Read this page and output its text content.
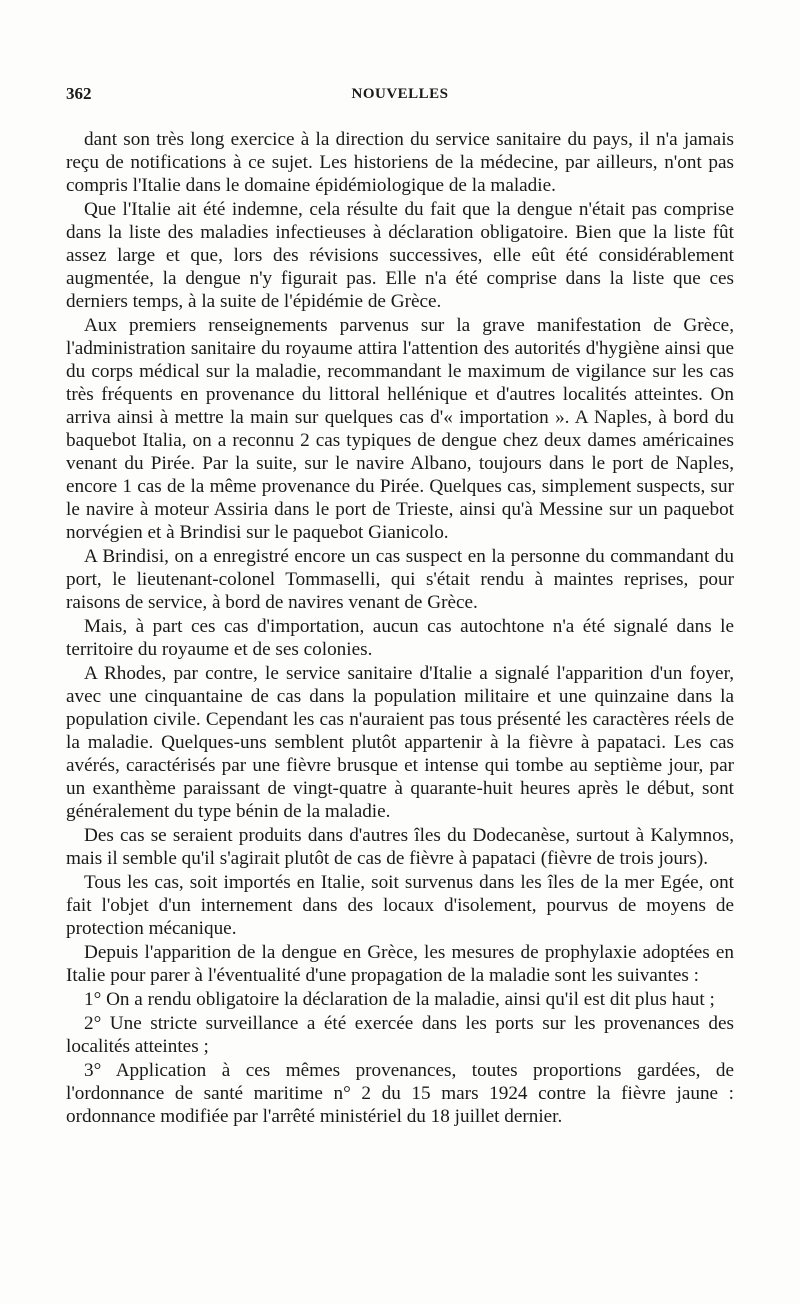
362	NOUVELLES

dant son très long exercice à la direction du service sanitaire du pays, il n'a jamais reçu de notifications à ce sujet. Les historiens de la médecine, par ailleurs, n'ont pas compris l'Italie dans le domaine épidémiologique de la maladie.

Que l'Italie ait été indemne, cela résulte du fait que la dengue n'était pas comprise dans la liste des maladies infectieuses à déclaration obligatoire. Bien que la liste fût assez large et que, lors des révisions successives, elle eût été considérablement augmentée, la dengue n'y figurait pas. Elle n'a été comprise dans la liste que ces derniers temps, à la suite de l'épidémie de Grèce.

Aux premiers renseignements parvenus sur la grave manifestation de Grèce, l'administration sanitaire du royaume attira l'attention des autorités d'hygiène ainsi que du corps médical sur la maladie, recommandant le maximum de vigilance sur les cas très fréquents en provenance du littoral hellénique et d'autres localités atteintes. On arriva ainsi à mettre la main sur quelques cas d'« importation ». A Naples, à bord du baquebot Italia, on a reconnu 2 cas typiques de dengue chez deux dames américaines venant du Pirée. Par la suite, sur le navire Albano, toujours dans le port de Naples, encore 1 cas de la même provenance du Pirée. Quelques cas, simplement suspects, sur le navire à moteur Assiria dans le port de Trieste, ainsi qu'à Messine sur un paquebot norvégien et à Brindisi sur le paquebot Gianicolo.

A Brindisi, on a enregistré encore un cas suspect en la personne du commandant du port, le lieutenant-colonel Tommaselli, qui s'était rendu à maintes reprises, pour raisons de service, à bord de navires venant de Grèce.

Mais, à part ces cas d'importation, aucun cas autochtone n'a été signalé dans le territoire du royaume et de ses colonies.

A Rhodes, par contre, le service sanitaire d'Italie a signalé l'apparition d'un foyer, avec une cinquantaine de cas dans la population militaire et une quinzaine dans la population civile. Cependant les cas n'auraient pas tous présenté les caractères réels de la maladie. Quelques-uns semblent plutôt appartenir à la fièvre à papataci. Les cas avérés, caractérisés par une fièvre brusque et intense qui tombe au septième jour, par un exanthème paraissant de vingt-quatre à quarante-huit heures après le début, sont généralement du type bénin de la maladie.

Des cas se seraient produits dans d'autres îles du Dodecanèse, surtout à Kalymnos, mais il semble qu'il s'agirait plutôt de cas de fièvre à papataci (fièvre de trois jours).

Tous les cas, soit importés en Italie, soit survenus dans les îles de la mer Egée, ont fait l'objet d'un internement dans des locaux d'isolement, pourvus de moyens de protection mécanique.

Depuis l'apparition de la dengue en Grèce, les mesures de prophylaxie adoptées en Italie pour parer à l'éventualité d'une propagation de la maladie sont les suivantes :

1° On a rendu obligatoire la déclaration de la maladie, ainsi qu'il est dit plus haut ;

2° Une stricte surveillance a été exercée dans les ports sur les provenances des localités atteintes ;

3° Application à ces mêmes provenances, toutes proportions gardées, de l'ordonnance de santé maritime n° 2 du 15 mars 1924 contre la fièvre jaune : ordonnance modifiée par l'arrêté ministériel du 18 juillet dernier.
